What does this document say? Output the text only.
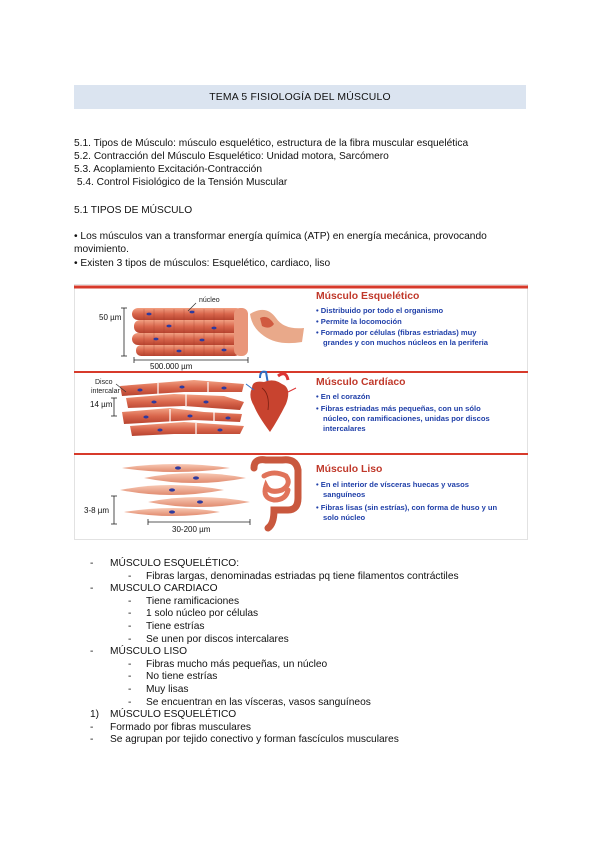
TEMA 5 FISIOLOGÍA DEL MÚSCULO
5.1. Tipos de Músculo: músculo esquelético, estructura de la fibra muscular esquelética
5.2. Contracción del Músculo Esquelético: Unidad motora, Sarcómero
5.3. Acoplamiento Excitación-Contracción
5.4. Control Fisiológico de la Tensión Muscular
5.1 TIPOS DE MÚSCULO
• Los músculos van a transformar energía química (ATP) en energía mecánica, provocando
movimiento.
• Existen 3 tipos de músculos: Esquelético, cardiaco, liso
núcleo
50 µm
500.000 µm
Músculo Esquelético
• Distribuido por todo el organismo
• Permite la locomoción
• Formado por células (fibras estriadas) muy
grandes y con muchos núcleos en la periferia
Disco
intercalar
14 µm
Músculo Cardíaco
• En el corazón
• Fibras estriadas más pequeñas, con un sólo
núcleo, con ramificaciones, unidas por discos
intercalares
3-8 µm
30-200 µm
Músculo Liso
• En el interior de vísceras huecas y vasos
sanguíneos
• Fibras lisas (sin estrías), con forma de huso y un
solo núcleo
- MÚSCULO ESQUELÉTICO:
- Fibras largas, denominadas estriadas pq tiene filamentos contráctiles
- MUSCULO CARDIACO
- Tiene ramificaciones
- 1 solo núcleo por células
- Tiene estrías
- Se unen por discos intercalares
- MÚSCULO LISO
- Fibras mucho más pequeñas, un núcleo
- No tiene estrías
- Muy lisas
- Se encuentran en las vísceras, vasos sanguíneos
1) MÚSCULO ESQUELÉTICO
- Formado por fibras musculares
- Se agrupan por tejido conectivo y forman fascículos musculares
